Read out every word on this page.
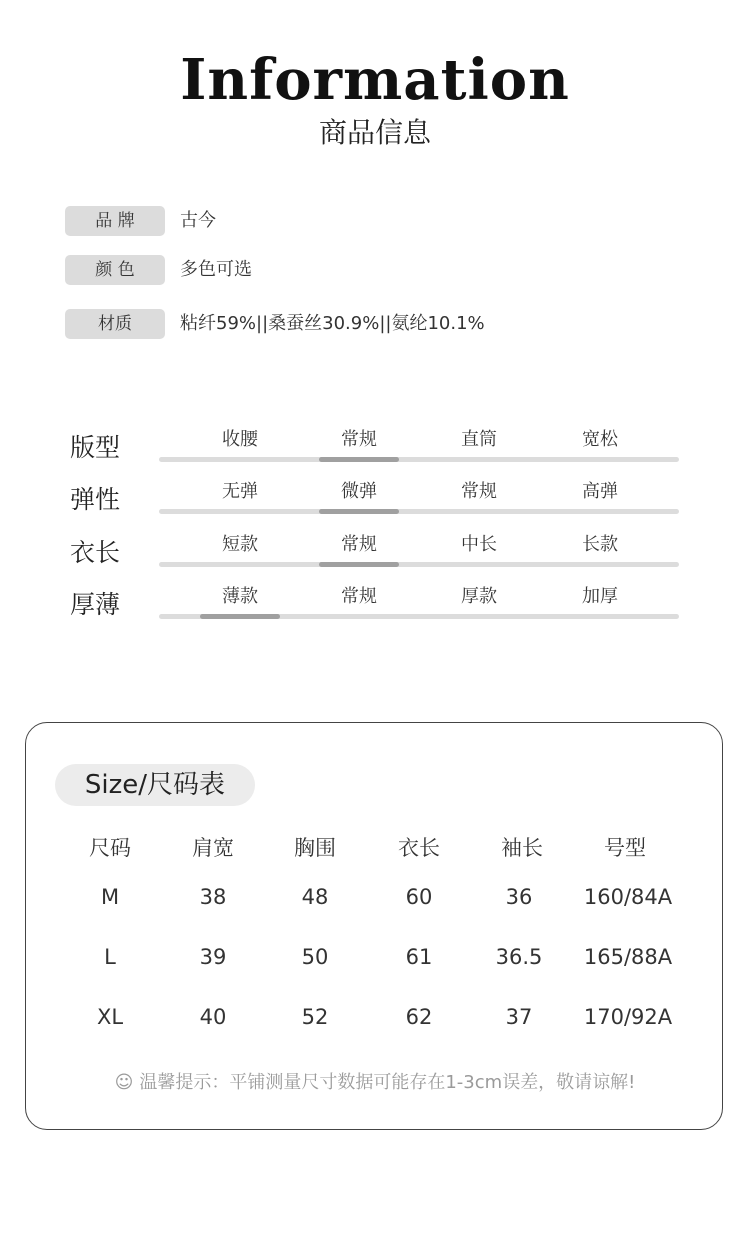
Information
商品信息
品 牌	古今
颜 色	多色可选
材质	粘纤59%||桑蚕丝30.9%||氨纶10.1%
版型	收腰	常规	直筒	宽松
弹性	无弹	微弹	常规	高弹
衣长	短款	常规	中长	长款
厚薄	薄款	常规	厚款	加厚
Size/尺码表
尺码	肩宽	胸围	衣长	袖长	号型
M	38	48	60	36	160/84A
L	39	50	61	36.5	165/88A
XL	40	52	62	37	170/92A
☺ 温馨提示：平铺测量尺寸数据可能存在1-3cm误差，敬请谅解!
